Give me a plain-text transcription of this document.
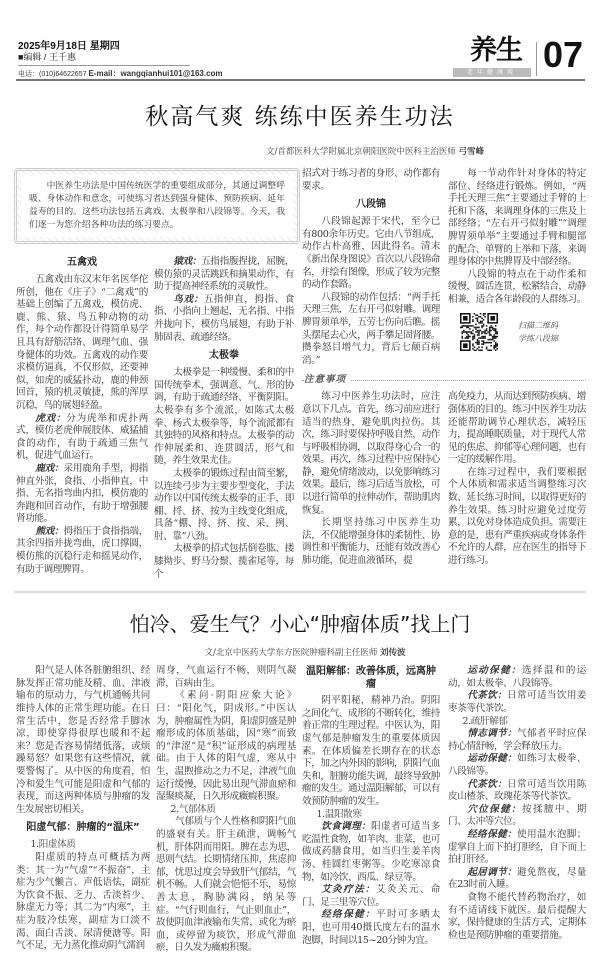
2025年9月18日 星期四
■编辑 / 王千惠
电话：(010)64622657 E-mail：wangqianhui101@163.com
养生
老年健康观 07
秋高气爽 练练中医养生功法
文/首都医科大学附属北京朝阳医院中医科主治医师 弓雪峰
中医养生功法是中国传统医学的重要组成部分，其通过调整呼吸、身体动作和意念，可使练习者达到强身健体、预防疾病、延年益寿的目的。这些功法包括五禽戏、太极拳和八段锦等。今天，我们逐一为您介绍各种功法的练习要点。
五禽戏

五禽戏由东汉末年名医华佗所创，他在《庄子》“二禽戏”的基础上创编了五禽戏，模仿虎、鹿、熊、猿、鸟五种动物的动作，每个动作都设计得简单易学且具有舒筋活络、调理气血、强身健体的功效。五禽戏的动作要求模仿逼真，不仅形似，还要神似，如虎的威猛扑动，鹿的伸颈回首，猿的机灵敏捷，熊的浑厚沉稳，鸟的展翅轻盈。

虎戏：分为虎举和虎扑两式，模仿老虎伸展肢体、威猛捕食的动作，有助于疏通三焦气机，促进气血运行。

鹿戏：采用鹿角手型，拇指伸直外张，食指、小指伸直，中指、无名指弯曲内扣，模仿鹿的奔跑和回首动作，有助于增强腰肾功能。

熊戏：拇指压于食指指端，其余四指并拢弯曲，虎口撑圆，模仿熊的沉稳行走和摇晃动作，有助于调理脾胃。

猿戏：五指指腹捏拢，屈腕，模仿猿的灵活跳跃和摘果动作，有助于提高神经系统的灵敏性。

鸟戏：五指伸直，拇指、食指、小指向上翘起，无名指、中指并拢向下，模仿鸟展翅，有助于补肺固表、疏通经络。

太极拳

太极拳是一种缓慢、柔和的中国传统拳术，强调意、气、形的协调，有助于疏通经络、平衡阴阳。太极拳有多个流派，如陈式太极拳、杨式太极拳等，每个流派都有其独特的风格和特点。太极拳的动作伸展柔和、连贯圆活，形气和随，养生效果尤佳。

太极拳的锻炼过程由简至繁，以连续弓步为主要步型变化，手法动作以中国传统太极拳的正手，即棚、捋、挤、按为主线变化组成，具备“棚、捋、挤、按、采、挒、肘、靠”八劲。

太极拳的招式包括倒卷肱、搂膝拗步、野马分鬃、揽雀尾等，每个

招式对于练习者的身形、动作都有要求。

八段锦

八段锦起源于宋代，至今已有800余年历史。它由八节组成，动作古朴高雅，因此得名。清末《新出保身图说》首次以八段锦命名，并绘有图像，形成了较为完整的动作套路。

八段锦的动作包括：“两手托天理三焦，左右开弓似射雕。调理脾胃须单举，五劳七伤向后瞧。摇头摆尾去心火，两手攀足固肾腰。攒拳怒目增气力，背后七颠百病消。”

每一节动作针对身体的特定部位、经络进行锻炼。例如，“两手托天理三焦”主要通过手臂的上托和下落，来调理身体的三焦及上部经络；“左右开弓似射雕”“调理脾胃须单举”主要通过手臂和腿部的配合、单臂的上举和下落，来调理身体的中焦脾胃及中部经络。

八段锦的特点在于动作柔和缓慢，圆活连贯，松紧结合，动静相兼，适合各年龄段的人群练习。

扫描二维码
学练八段锦
注意事项

练习中医养生功法时，应注意以下几点。首先，练习前应进行适当的热身，避免肌肉拉伤。其次，练习时要保持呼吸自然，动作与呼吸相协调，以取得身心合一的效果。再次，练习过程中应保持心静，避免情绪波动，以免影响练习效果。最后，练习后适当放松，可以进行简单的拉伸动作，帮助肌肉恢复。

长期坚持练习中医养生功法，不仅能增强身体的柔韧性、协调性和平衡能力，还能有效改善心肺功能，促进血液循环，提

高免疫力，从而达到预防疾病、增强体质的目的。练习中医养生功法还能帮助调节心理状态，减轻压力，提高睡眠质量，对于现代人常见的焦虑、抑郁等心理问题，也有一定的缓解作用。

在练习过程中，我们要根据个人体质和需求适当调整练习次数、延长练习时间，以取得更好的养生效果。练习时应避免过度劳累，以免对身体造成负担。需要注意的是，患有严重疾病或身体条件不允许的人群，应在医生的指导下进行练习。

怕冷、爱生气？小心“肿瘤体质”找上门
文/北京中医药大学东方医院肿瘤科副主任医师 刘传波

阳气是人体各脏腑组织、经脉发挥正常功能及精、血、津液输布的原动力，与气机通畅共同维持人体的正常生理功能。在日常生活中，您是否经常手脚冰凉，即使穿得很厚也暖和不起来？您是否容易情绪低落，或烦躁易怒？如果您有这些情况，就要警惕了。从中医的角度看，怕冷和爱生气可能是阳虚和气郁的表现，而这两种体质与肿瘤的发生发展密切相关。

阳虚气郁：肿瘤的“温床”

1.阳虚体质

阳虚质的特点可概括为两类：其一为“气虚”“不振奋”，主症为少气懒言、声低语怯，副症为饮食不振、乏力、舌淡苔少、脉虚无力等；其二为“内寒”，主症为肢冷怯寒，副症为口淡不渴、面白舌淡、尿清便溏等。阳气不足，无力蒸化推动阴气濡润

周身，气血运行不畅，则阴气凝滞，百病由生。

《素问·阴阳应象大论》曰：“阳化气，阴成形。”中医认为，肿瘤属性为阴，阳虚阴盛是肿瘤形成的体质基础，因“寒”而致的“津涩”是“积”证形成的病理基础。由于人体的阳气虚，寒从中生，温煦推动之力不足，津液气血运行缓慢，因此易出现气滞血瘀和湿聚痰凝，日久形成癥瘕积聚。

2.气郁体质

气郁质与个人性格和阴阳气血的盛衰有关。肝主疏泄，调畅气机，肝体阴而用阳。脾在志为思，思则气结。长期情绪压抑，焦虑抑郁，忧思过度会导致肝气郁结，气机不畅。人们就会悒悒不乐，易惊善太息，胸胁满闷，纳呆等症。“气行则血行，气止则血止”，故使阴血津液输布失常，或化为瘀血，或停留为痰饮，形成气滞血瘀，日久发为癥瘕积聚。

温阳解郁：改善体质，远离肿瘤

阴平阳秘，精神乃治。阴阳之间化气、成形的不断转化，维持着正常的生理过程。中医认为，阳虚气郁是肿瘤发生的重要体质因素。在体质偏差长期存在的状态下，加之内外因的影响，阴阳气血失和，脏腑功能失调，最终导致肿瘤的发生。通过温阳解郁，可以有效预防肿瘤的发生。

1.温阳散寒

饮食调理：阳虚者可适当多吃温性食物，如羊肉、韭菜，也可做成药膳食用，如当归生姜羊肉汤、桂圆红枣粥等。少吃寒凉食物，如冷饮、西瓜、绿豆等。

艾灸疗法：艾灸关元、命门、足三里等穴位。

经络保健：平时可多晒太阳，也可用40摄氏度左右的温水泡脚，时间以15~20分钟为宜。

运动保健：选择温和的运动，如太极拳、八段锦等。

代茶饮：日常可适当饮用姜枣茶等代茶饮。

2.疏肝解郁

情志调节：气郁者平时应保持心情舒畅，学会释放压力。

运动保健：如练习太极拳、八段锦等。

代茶饮：日常可适当饮用陈皮山楂茶、玫瑰花茶等代茶饮。

穴位保健：按揉膻中、期门、太冲等穴位。

经络保健：使用温水泡脚；虚掌自上而下拍打胆经，自下而上拍打肝经。

起居调节：避免熬夜，尽量在23时前入睡。

食物不能代替药物治疗，如有不适请线下就医。最后提醒大家，保持健康的生活方式，定期体检也是预防肿瘤的重要措施。
